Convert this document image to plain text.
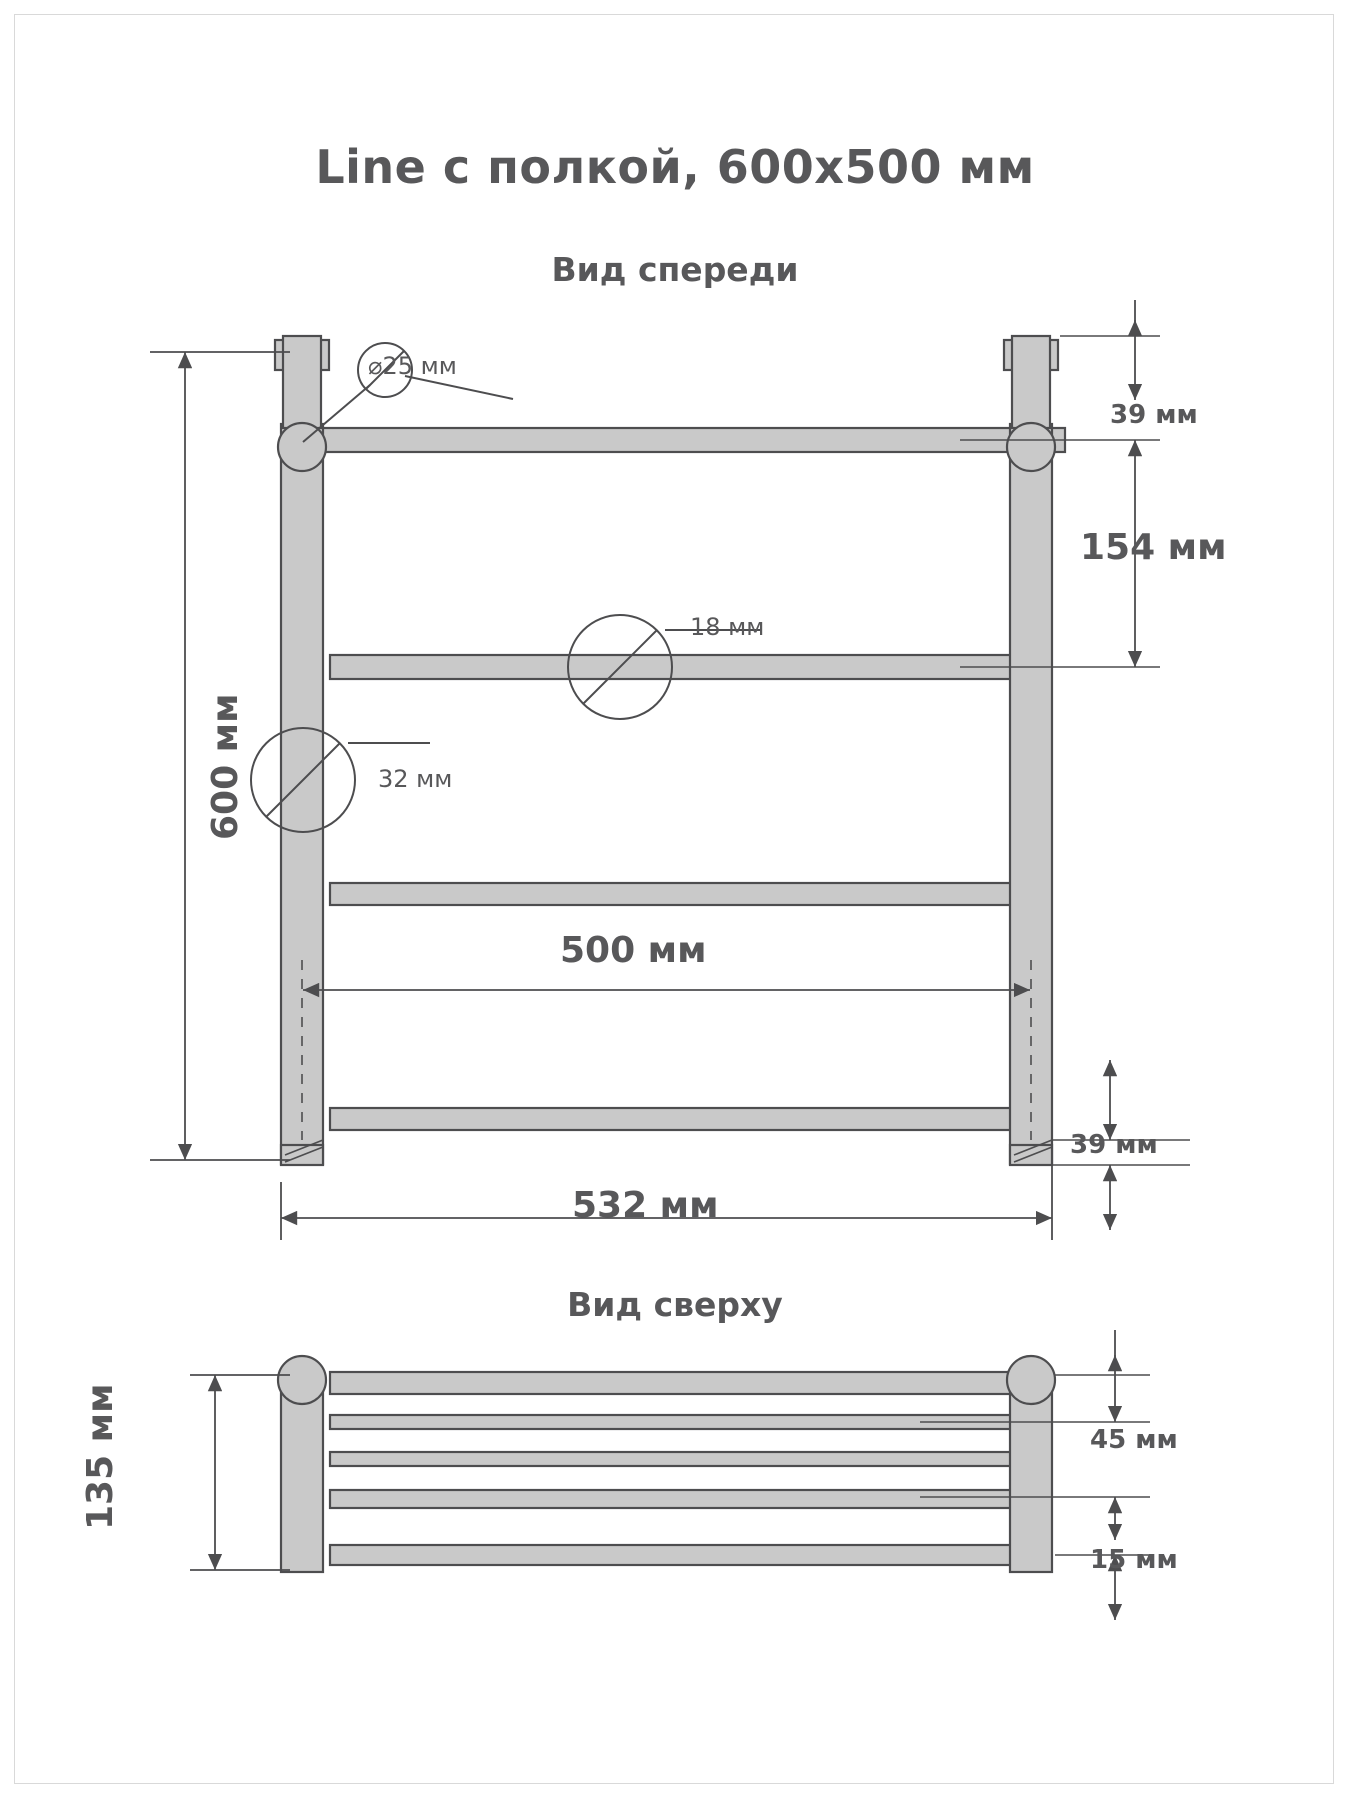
Line с полкой, 600x500 мм
Вид спереди
Вид сверху
⌀25 мм
18 мм
32 мм
39 мм
154 мм
600 мм
500 мм
532 мм
39 мм
135 мм	45 мм
15 мм
